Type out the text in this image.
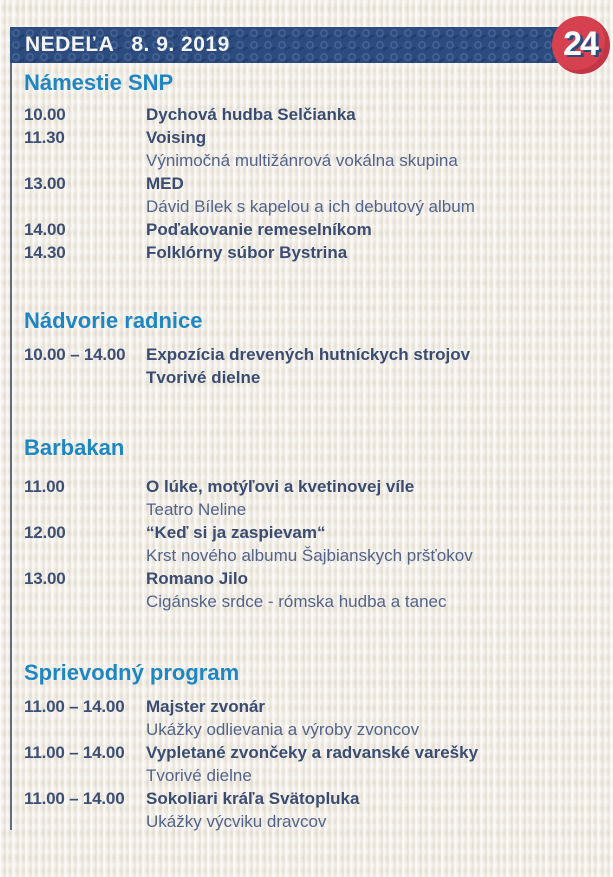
NEDEĽA 8. 9. 2019	24
Námestie SNP
10.00	Dychová hudba Selčianka
11.30	Voising
Výnimočná multižánrová vokálna skupina
13.00	MED
Dávid Bílek s kapelou a ich debutový album
14.00	Poďakovanie remeselníkom
14.30	Folklórny súbor Bystrina
Nádvorie radnice
10.00 – 14.00	Expozícia drevených hutníckych strojov
Tvorivé dielne
Barbakan
11.00	O lúke, motýľovi a kvetinovej víle
Teatro Neline
12.00	“Keď si ja zaspievam“
Krst nového albumu Šajbianskych pršťokov
13.00	Romano Jilo
Cigánske srdce - rómska hudba a tanec
Sprievodný program
11.00 – 14.00	Majster zvonár
Ukážky odlievania a výroby zvoncov
11.00 – 14.00	Vypletané zvončeky a radvanské varešky
Tvorivé dielne
11.00 – 14.00	Sokoliari kráľa Svätopluka
Ukážky výcviku dravcov
